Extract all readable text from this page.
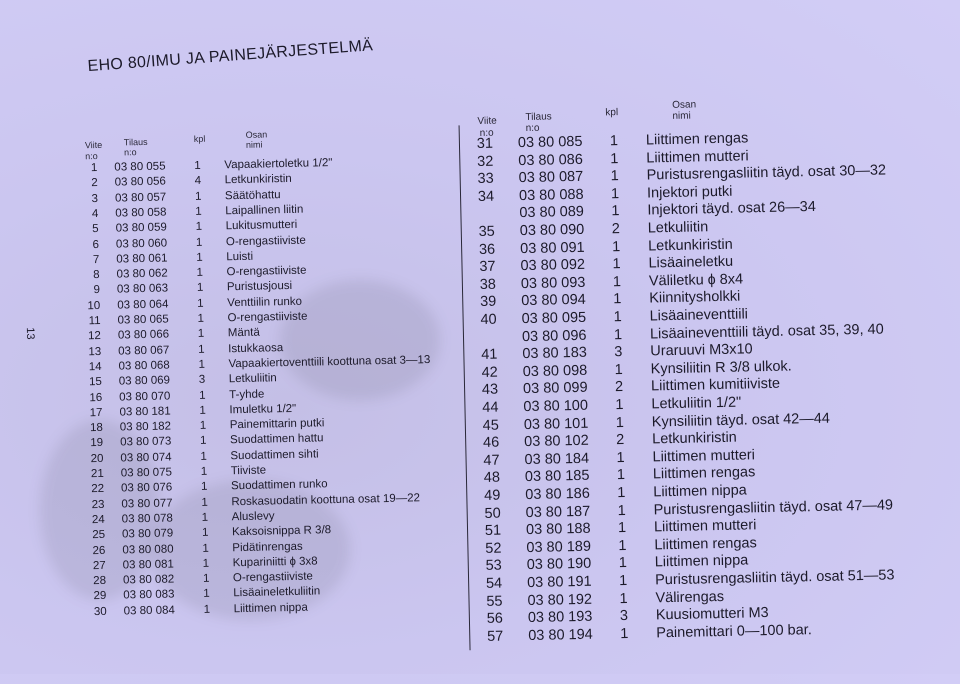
EHO 80/IMU JA PAINEJÄRJESTELMÄ
13
Viite
n:o
Tilaus n:o
kpl	Osan nimi
1 03 80 055 1 Vapaakiertoletku 1/2"
2 03 80 056 4 Letkunkiristin
3 03 80 057 1 Säätöhattu
4 03 80 058 1 Laipallinen liitin
5 03 80 059 1 Lukitusmutteri
6 03 80 060 1 O-rengastiiviste
7 03 80 061 1 Luisti
8 03 80 062 1 O-rengastiiviste
9 03 80 063 1 Puristusjousi
10 03 80 064 1 Venttiilin runko
11 03 80 065 1 O-rengastiiviste
12 03 80 066 1 Mäntä
13 03 80 067 1 Istukkaosa
14 03 80 068 1 Vapaakiertoventtiili koottuna osat 3—13
15 03 80 069 3 Letkuliitin
16 03 80 070 1 T-yhde
17 03 80 181 1 Imuletku 1/2"
18 03 80 182 1 Painemittarin putki
19 03 80 073 1 Suodattimen hattu
20 03 80 074 1 Suodattimen sihti
21 03 80 075 1 Tiiviste
22 03 80 076 1 Suodattimen runko
23 03 80 077 1 Roskasuodatin koottuna osat 19—22
24 03 80 078 1 Aluslevy
25 03 80 079 1 Kaksoisnippa R 3/8
26 03 80 080 1 Pidätinrengas
27 03 80 081 1 Kupariniitti ɸ 3x8
28 03 80 082 1 O-rengastiiviste
29 03 80 083 1 Lisäaineletkuliitin
30 03 80 084 1 Liittimen nippa
Viite
n:o
Tilaus n:o
kpl
Osan nimi
31 03 80 085 1 Liittimen rengas
32 03 80 086 1 Liittimen mutteri
33 03 80 087 1 Puristusrengasliitin täyd. osat 30—32
34 03 80 088 1 Injektori putki
03 80 089 1 Injektori täyd. osat 26—34
35 03 80 090 2 Letkuliitin
36 03 80 091 1 Letkunkiristin
37 03 80 092 1 Lisäaineletku
38 03 80 093 1 Väliletku ɸ 8x4
39 03 80 094 1 Kiinnitysholkki
40 03 80 095 1 Lisäaineventtiili
03 80 096 1 Lisäaineventtiili täyd. osat 35, 39, 40
41 03 80 183 3 Uraruuvi M3x10
42 03 80 098 1 Kynsiliitin R 3/8 ulkok.
43 03 80 099 2 Liittimen kumitiiviste
44 03 80 100 1 Letkuliitin 1/2"
45 03 80 101 1 Kynsiliitin täyd. osat 42—44
46 03 80 102 2 Letkunkiristin
47 03 80 184 1 Liittimen mutteri
48 03 80 185 1 Liittimen rengas
49 03 80 186 1 Liittimen nippa
50 03 80 187 1 Puristusrengasliitin täyd. osat 47—49
51 03 80 188 1 Liittimen mutteri
52 03 80 189 1 Liittimen rengas
53 03 80 190 1 Liittimen nippa
54 03 80 191 1 Puristusrengasliitin täyd. osat 51—53
55 03 80 192 1 Välirengas
56 03 80 193 3 Kuusiomutteri M3
57 03 80 194 1 Painemittari 0—100 bar.
